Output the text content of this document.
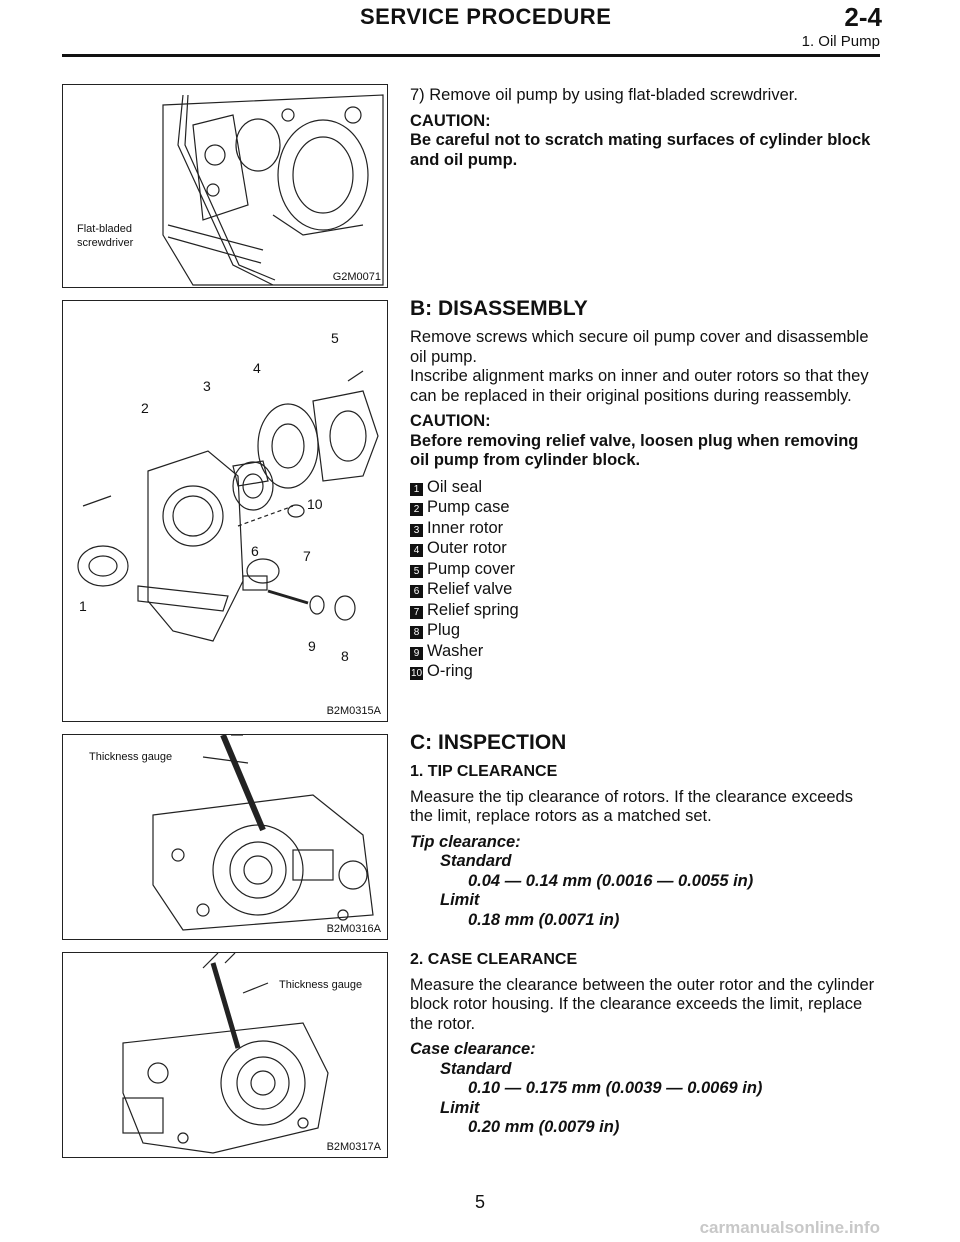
SERVICE PROCEDURE	2-4
1. Oil Pump
Flat-bladed
screwdriver
G2M0071
1
2
3
4
5
6	7
8
9
10
B2M0315A
Thickness gauge
B2M0316A
Thickness gauge
B2M0317A

7) Remove oil pump by using flat-bladed screwdriver.

CAUTION:

Be careful not to scratch mating surfaces of cylinder block and oil pump.

B: DISASSEMBLY

Remove screws which secure oil pump cover and disassemble oil pump.

Inscribe alignment marks on inner and outer rotors so that they can be replaced in their original positions during reassembly.

CAUTION:

Before removing relief valve, loosen plug when removing oil pump from cylinder block.

1 Oil seal
2 Pump case
3 Inner rotor
4 Outer rotor
5 Pump cover
6 Relief valve
7 Relief spring
8 Plug
9 Washer
10 O-ring

C: INSPECTION

1. TIP CLEARANCE

Measure the tip clearance of rotors. If the clearance exceeds the limit, replace rotors as a matched set.

Tip clearance:

Standard

0.04 — 0.14 mm (0.0016 — 0.0055 in)

Limit

0.18 mm (0.0071 in)

2. CASE CLEARANCE

Measure the clearance between the outer rotor and the cylinder block rotor housing. If the clearance exceeds the limit, replace the rotor.

Case clearance:

Standard

0.10 — 0.175 mm (0.0039 — 0.0069 in)

Limit

0.20 mm (0.0079 in)

5
carmanualsonline.info
